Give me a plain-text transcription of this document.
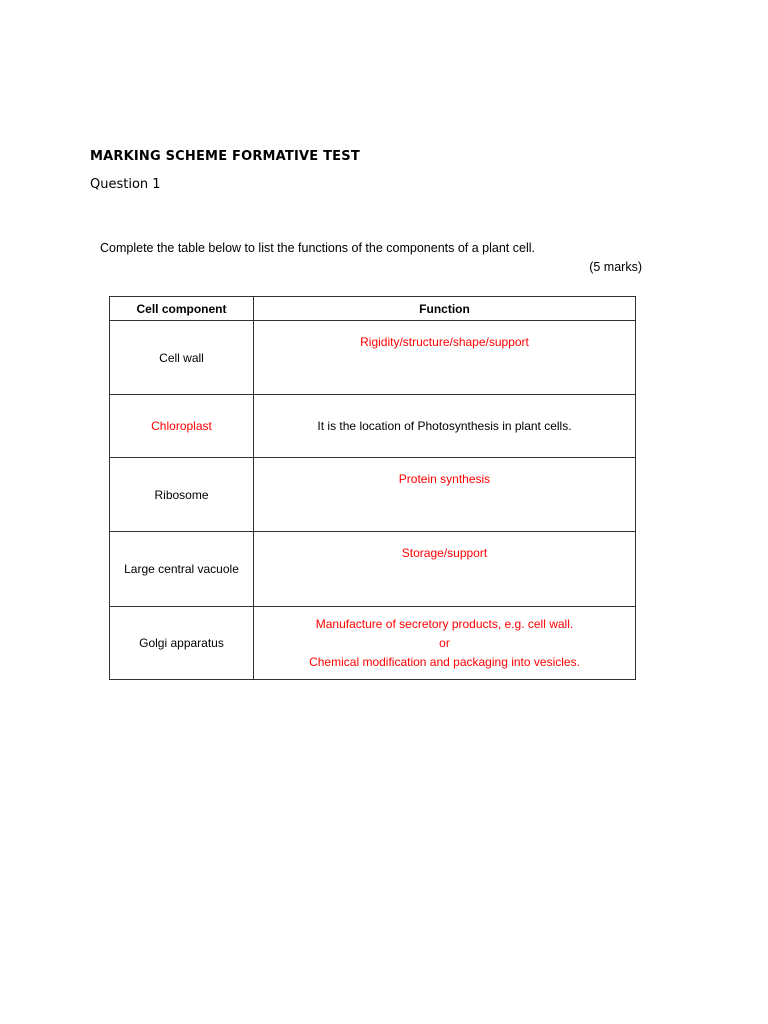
MARKING SCHEME FORMATIVE TEST
Question 1
Complete the table below to list the functions of the components of a plant cell.
(5 marks)
Cell component	Function
Cell wall	Rigidity/structure/shape/support
Chloroplast	It is the location of Photosynthesis in plant cells.
Ribosome	Protein synthesis
Large central vacuole	Storage/support
Golgi apparatus	Manufacture of secretory products, e.g. cell wall.
or
Chemical modification and packaging into vesicles.
